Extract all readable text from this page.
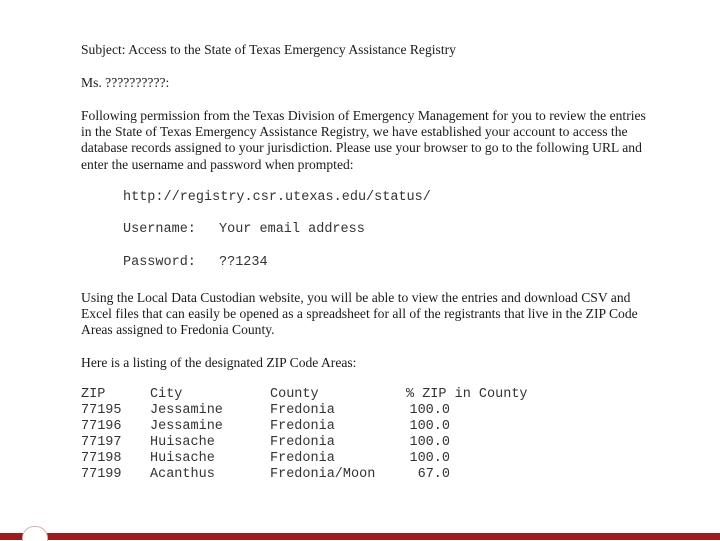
Subject: Access to the State of Texas Emergency Assistance Registry

Ms. ??????????:

Following permission from the Texas Division of Emergency Management for you to review the entries in the State of Texas Emergency Assistance Registry, we have established your account to access the database records assigned to your jurisdiction. Please use your browser to go to the following URL and enter the username and password when prompted:

http://registry.csr.utexas.edu/status/
Username: Your email address
Password: ??1234

Using the Local Data Custodian website, you will be able to view the entries and download CSV and Excel files that can easily be opened as a spreadsheet for all of the registrants that live in the ZIP Code Areas assigned to Fredonia County.

Here is a listing of the designated ZIP Code Areas:

ZIP	City	County	% ZIP in County
77195 Jessamine	Fredonia	100.0
77196 Jessamine	Fredonia	100.0
77197 Huisache	Fredonia	100.0
77198 Huisache	Fredonia	100.0
77199 Acanthus	Fredonia/Moon	67.0
